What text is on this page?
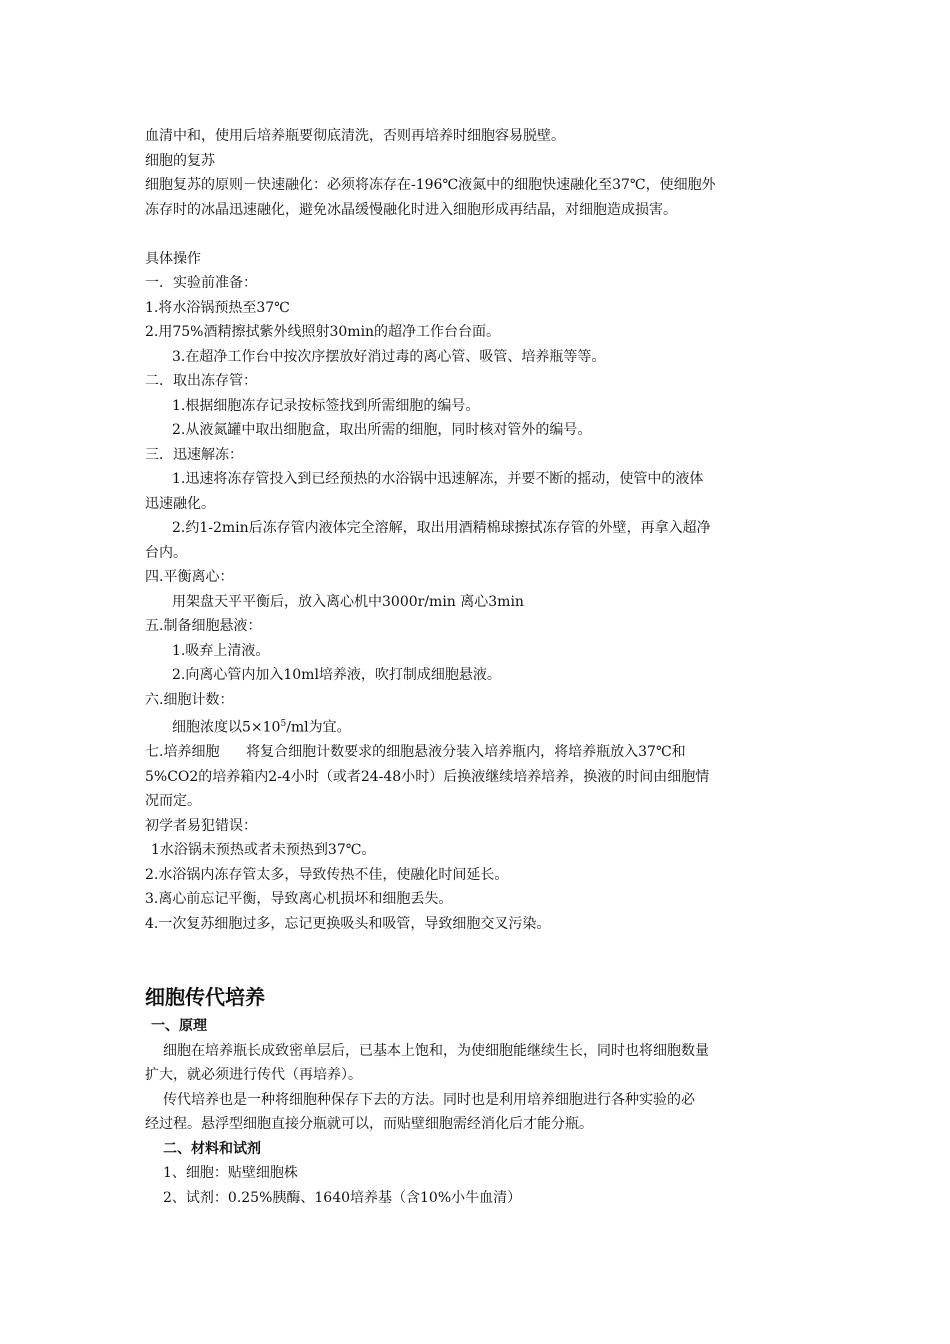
血清中和，使用后培养瓶要彻底清洗，否则再培养时细胞容易脱壁。

细胞的复苏

细胞复苏的原则－快速融化：必须将冻存在-196℃液氮中的细胞快速融化至37℃，使细胞外

冻存时的冰晶迅速融化，避免冰晶缓慢融化时进入细胞形成再结晶，对细胞造成损害。

具体操作

一．实验前准备：

1.将水浴锅预热至37℃

2.用75%酒精擦拭紫外线照射30min的超净工作台台面。

3.在超净工作台中按次序摆放好消过毒的离心管、吸管、培养瓶等等。

二．取出冻存管：

1.根据细胞冻存记录按标签找到所需细胞的编号。

2.从液氮罐中取出细胞盒，取出所需的细胞，同时核对管外的编号。

三．迅速解冻：

1.迅速将冻存管投入到已经预热的水浴锅中迅速解冻，并要不断的摇动，使管中的液体

迅速融化。

2.约1-2min后冻存管内液体完全溶解，取出用酒精棉球擦拭冻存管的外壁，再拿入超净

台内。

四.平衡离心：

用架盘天平平衡后，放入离心机中3000r/min 离心3min

五.制备细胞悬液：

1.吸弃上清液。

2.向离心管内加入10ml培养液，吹打制成细胞悬液。

六.细胞计数：

细胞浓度以$5\times 10^5/ml$为宜。

七.培养细胞      将复合细胞计数要求的细胞悬液分装入培养瓶内，将培养瓶放入37℃和

5%CO2的培养箱内2-4小时（或者24-48小时）后换液继续培养培养，换液的时间由细胞情

况而定。

初学者易犯错误：

1水浴锅未预热或者未预热到37℃。

2.水浴锅内冻存管太多，导致传热不佳，使融化时间延长。

3.离心前忘记平衡，导致离心机损坏和细胞丢失。

4.一次复苏细胞过多，忘记更换吸头和吸管，导致细胞交叉污染。

细胞传代培养

一、原理

细胞在培养瓶长成致密单层后，已基本上饱和，为使细胞能继续生长，同时也将细胞数量

扩大，就必须进行传代（再培养）。

传代培养也是一种将细胞种保存下去的方法。同时也是利用培养细胞进行各种实验的必

经过程。悬浮型细胞直接分瓶就可以，而贴壁细胞需经消化后才能分瓶。

二、材料和试剂

1、细胞：贴壁细胞株

2、试剂：0.25%胰酶、1640培养基（含10%小牛血清）
